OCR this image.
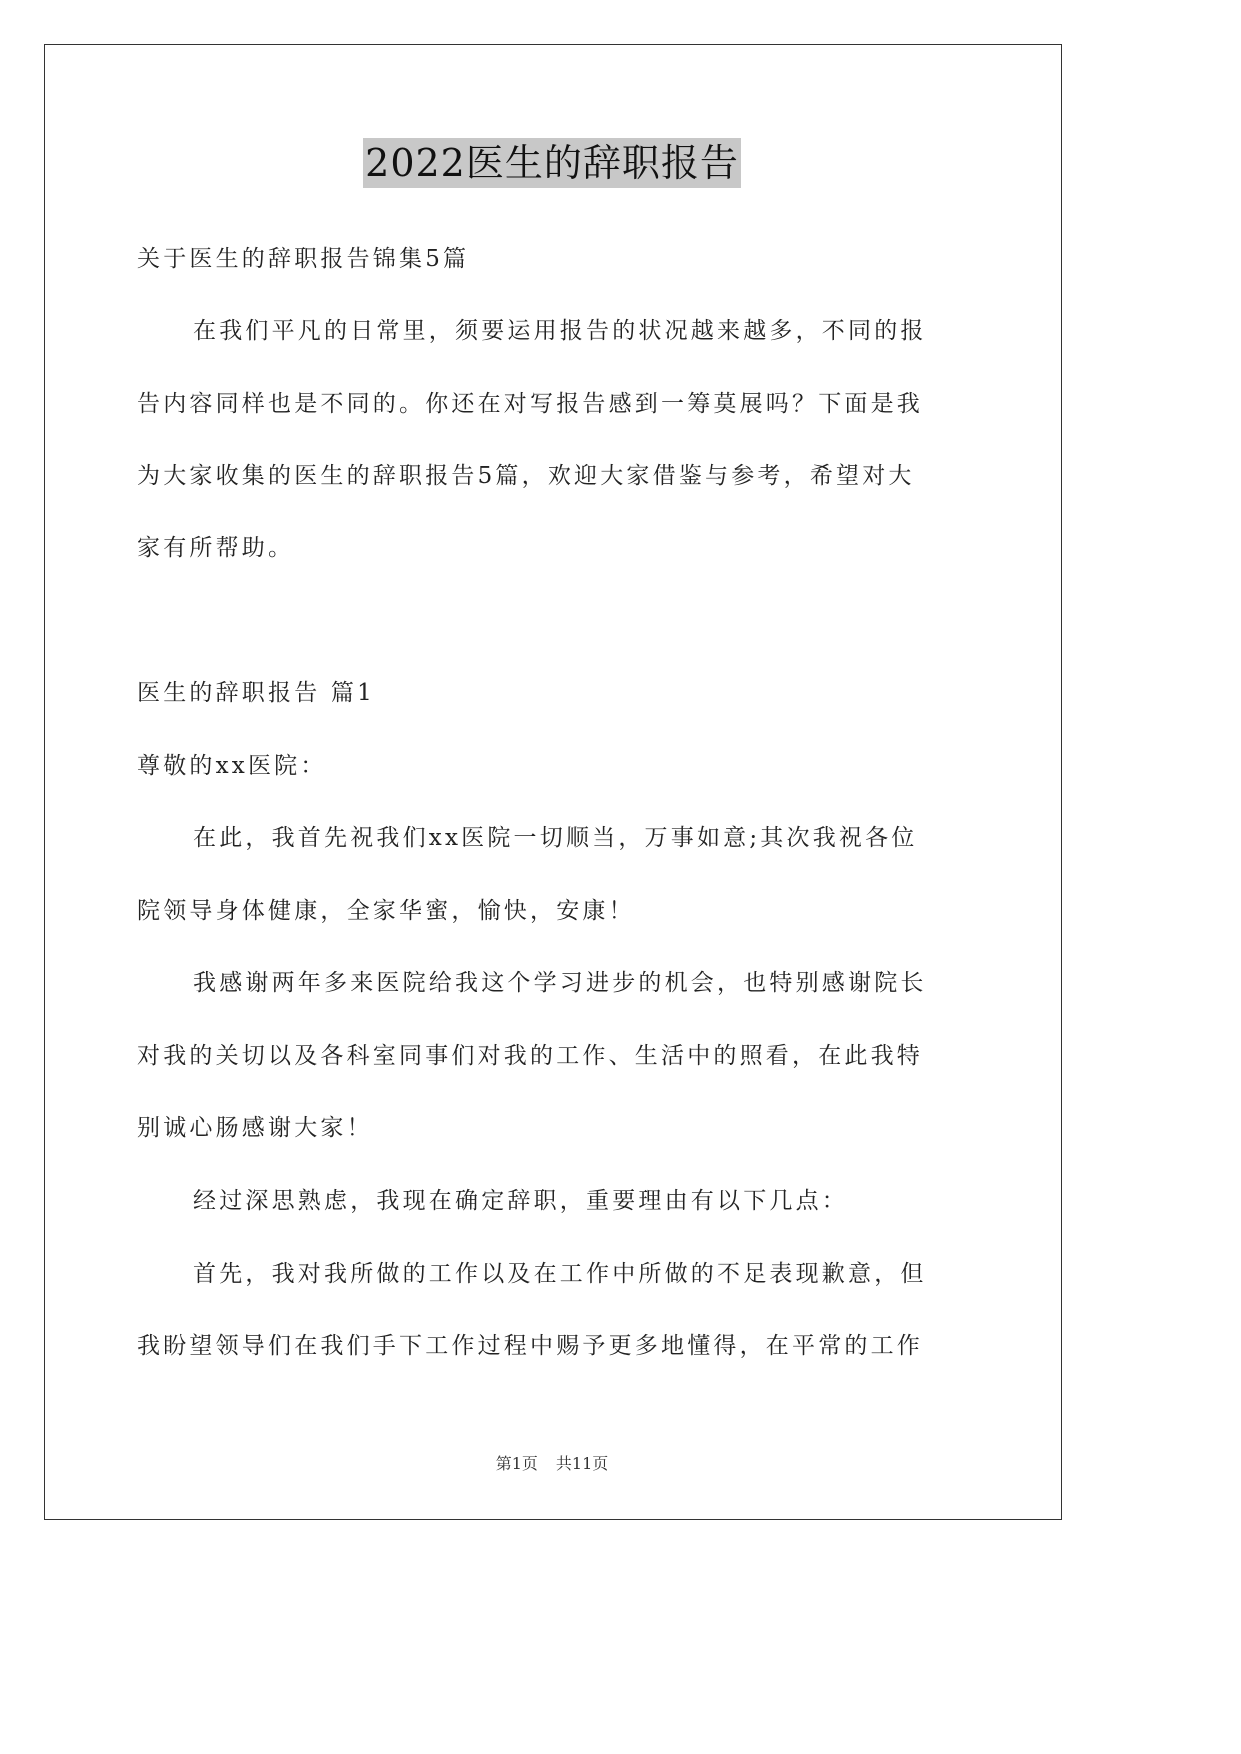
2022医生的辞职报告
关于医生的辞职报告锦集5篇
在我们平凡的日常里，须要运用报告的状况越来越多，不同的报
告内容同样也是不同的。你还在对写报告感到一筹莫展吗？下面是我
为大家收集的医生的辞职报告5篇，欢迎大家借鉴与参考，希望对大
家有所帮助。
医生的辞职报告 篇1
尊敬的xx医院：
在此，我首先祝我们xx医院一切顺当，万事如意;其次我祝各位
院领导身体健康，全家华蜜，愉快，安康！
我感谢两年多来医院给我这个学习进步的机会，也特别感谢院长
对我的关切以及各科室同事们对我的工作、生活中的照看，在此我特
别诚心肠感谢大家！
经过深思熟虑，我现在确定辞职，重要理由有以下几点：
首先，我对我所做的工作以及在工作中所做的不足表现歉意，但
我盼望领导们在我们手下工作过程中赐予更多地懂得，在平常的工作
第1页 共11页
